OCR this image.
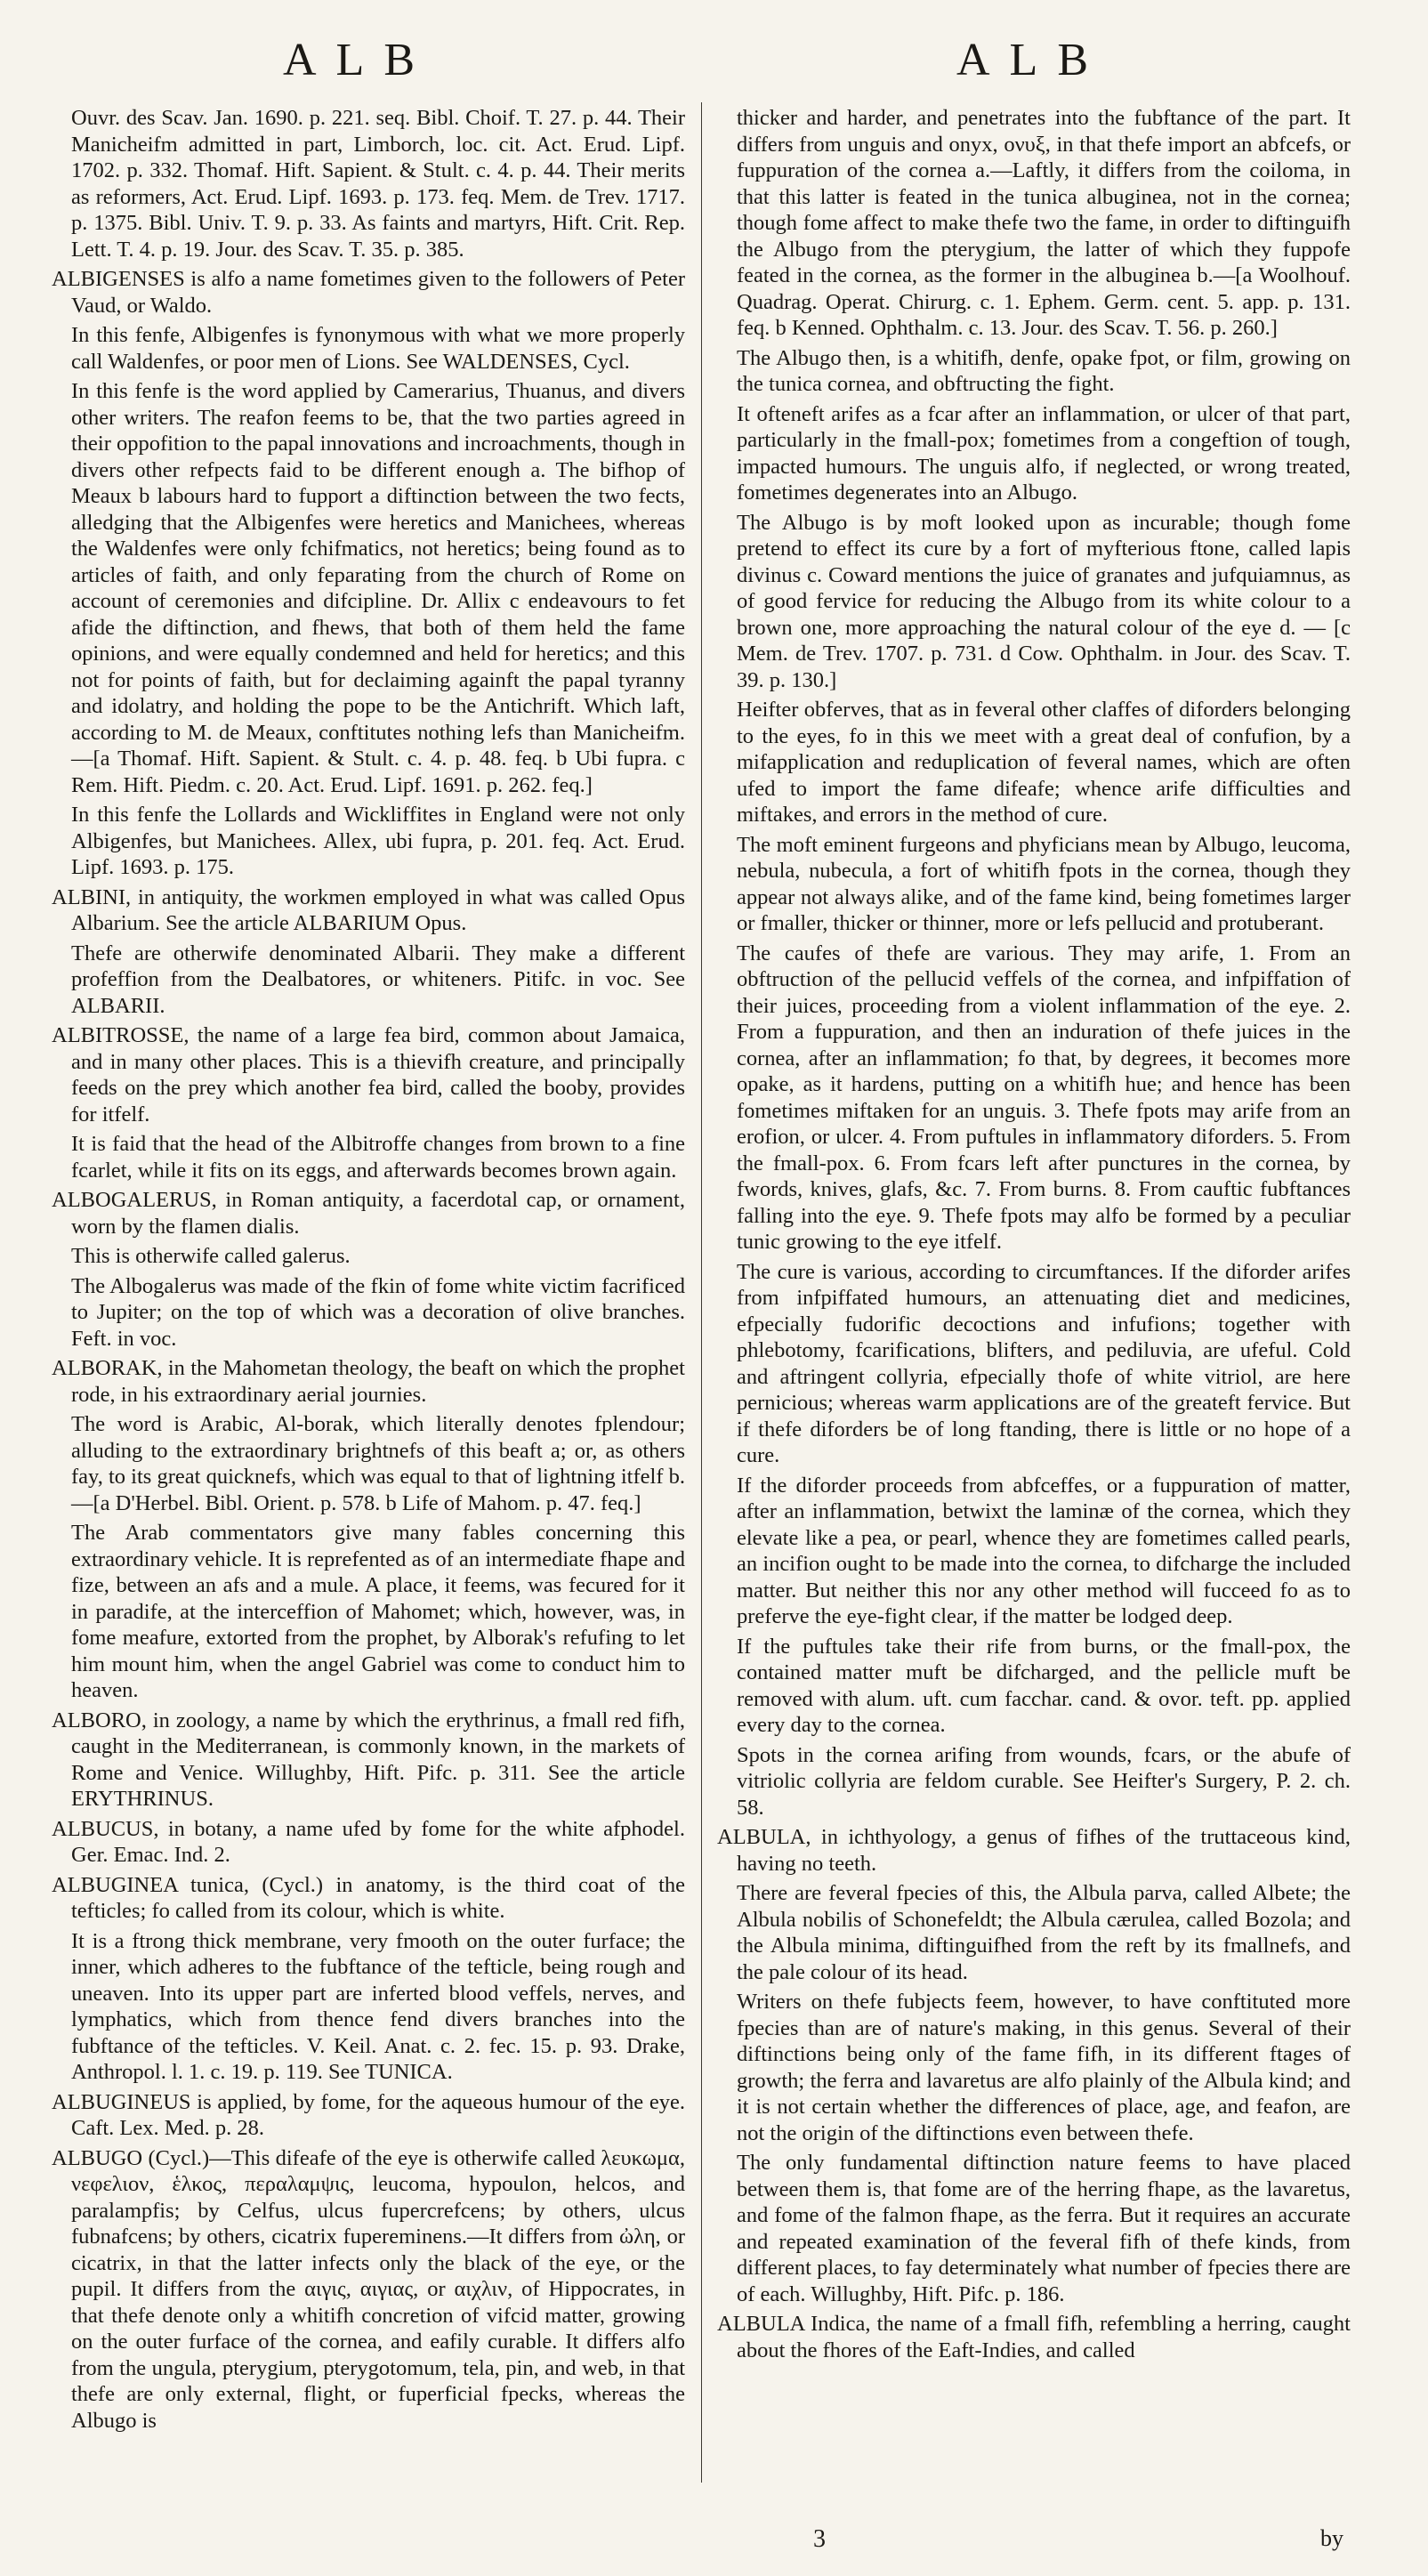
ALB	ALB

Ouvr. des Scav. Jan. 1690. p. 221. seq. Bibl. Choif. T. 27. p. 44. Their Manicheifm admitted in part, Limborch, loc. cit. Act. Erud. Lipf. 1702. p. 332. Thomaf. Hift. Sapient. & Stult. c. 4. p. 44. Their merits as reformers, Act. Erud. Lipf. 1693. p. 173. feq. Mem. de Trev. 1717. p. 1375. Bibl. Univ. T. 9. p. 33. As faints and martyrs, Hift. Crit. Rep. Lett. T. 4. p. 19. Jour. des Scav. T. 35. p. 385.

ALBIGENSES is alfo a name fometimes given to the followers of Peter Vaud, or Waldo.

In this fenfe, Albigenfes is fynonymous with what we more properly call Waldenfes, or poor men of Lions. See WALDENSES, Cycl.

In this fenfe is the word applied by Camerarius, Thuanus, and divers other writers. The reafon feems to be, that the two parties agreed in their oppofition to the papal innovations and incroachments, though in divers other refpects faid to be different enough a. The bifhop of Meaux b labours hard to fupport a diftinction between the two fects, alledging that the Albigenfes were heretics and Manichees, whereas the Waldenfes were only fchifmatics, not heretics; being found as to articles of faith, and only feparating from the church of Rome on account of ceremonies and difcipline. Dr. Allix c endeavours to fet afide the diftinction, and fhews, that both of them held the fame opinions, and were equally condemned and held for heretics; and this not for points of faith, but for declaiming againft the papal tyranny and idolatry, and holding the pope to be the Antichrift. Which laft, according to M. de Meaux, conftitutes nothing lefs than Manicheifm. —[a Thomaf. Hift. Sapient. & Stult. c. 4. p. 48. feq. b Ubi fupra. c Rem. Hift. Piedm. c. 20. Act. Erud. Lipf. 1691. p. 262. feq.]

In this fenfe the Lollards and Wickliffites in England were not only Albigenfes, but Manichees. Allex, ubi fupra, p. 201. feq. Act. Erud. Lipf. 1693. p. 175.

ALBINI, in antiquity, the workmen employed in what was called Opus Albarium. See the article ALBARIUM Opus.

Thefe are otherwife denominated Albarii. They make a different profeffion from the Dealbatores, or whiteners. Pitifc. in voc. See ALBARII.

ALBITROSSE, the name of a large fea bird, common about Jamaica, and in many other places. This is a thievifh creature, and principally feeds on the prey which another fea bird, called the booby, provides for itfelf.

It is faid that the head of the Albitroffe changes from brown to a fine fcarlet, while it fits on its eggs, and afterwards becomes brown again.

ALBOGALERUS, in Roman antiquity, a facerdotal cap, or ornament, worn by the flamen dialis.

This is otherwife called galerus.

The Albogalerus was made of the fkin of fome white victim facrificed to Jupiter; on the top of which was a decoration of olive branches. Feft. in voc.

ALBORAK, in the Mahometan theology, the beaft on which the prophet rode, in his extraordinary aerial journies.

The word is Arabic, Al-borak, which literally denotes fplendour; alluding to the extraordinary brightnefs of this beaft a; or, as others fay, to its great quicknefs, which was equal to that of lightning itfelf b.—[a D'Herbel. Bibl. Orient. p. 578. b Life of Mahom. p. 47. feq.]

The Arab commentators give many fables concerning this extraordinary vehicle. It is reprefented as of an intermediate fhape and fize, between an afs and a mule. A place, it feems, was fecured for it in paradife, at the interceffion of Mahomet; which, however, was, in fome meafure, extorted from the prophet, by Alborak's refufing to let him mount him, when the angel Gabriel was come to conduct him to heaven.

ALBORO, in zoology, a name by which the erythrinus, a fmall red fifh, caught in the Mediterranean, is commonly known, in the markets of Rome and Venice. Willughby, Hift. Pifc. p. 311. See the article ERYTHRINUS.

ALBUCUS, in botany, a name ufed by fome for the white afphodel. Ger. Emac. Ind. 2.

ALBUGINEA tunica, (Cycl.) in anatomy, is the third coat of the tefticles; fo called from its colour, which is white.

It is a ftrong thick membrane, very fmooth on the outer furface; the inner, which adheres to the fubftance of the tefticle, being rough and uneaven. Into its upper part are inferted blood veffels, nerves, and lymphatics, which from thence fend divers branches into the fubftance of the tefticles. V. Keil. Anat. c. 2. fec. 15. p. 93. Drake, Anthropol. l. 1. c. 19. p. 119. See TUNICA.

ALBUGINEUS is applied, by fome, for the aqueous humour of the eye. Caft. Lex. Med. p. 28.

ALBUGO (Cycl.)—This difeafe of the eye is otherwife called λευκωμα, νεφελιον, ἑλκος, περαλαμψις, leucoma, hypoulon, helcos, and paralampfis; by Celfus, ulcus fupercrefcens; by others, ulcus fubnafcens; by others, cicatrix fupereminens.—It differs from ὠλη, or cicatrix, in that the latter infects only the black of the eye, or the pupil. It differs from the αιγις, αιγιας, or αιχλιν, of Hippocrates, in that thefe denote only a whitifh concretion of vifcid matter, growing on the outer furface of the cornea, and eafily curable. It differs alfo from the ungula, pterygium, pterygotomum, tela, pin, and web, in that thefe are only external, flight, or fuperficial fpecks, whereas the Albugo is

thicker and harder, and penetrates into the fubftance of the part. It differs from unguis and onyx, ονυξ, in that thefe import an abfcefs, or fuppuration of the cornea a.—Laftly, it differs from the coiloma, in that this latter is feated in the tunica albuginea, not in the cornea; though fome affect to make thefe two the fame, in order to diftinguifh the Albugo from the pterygium, the latter of which they fuppofe feated in the cornea, as the former in the albuginea b.—[a Woolhouf. Quadrag. Operat. Chirurg. c. 1. Ephem. Germ. cent. 5. app. p. 131. feq. b Kenned. Ophthalm. c. 13. Jour. des Scav. T. 56. p. 260.]

The Albugo then, is a whitifh, denfe, opake fpot, or film, growing on the tunica cornea, and obftructing the fight.

It ofteneft arifes as a fcar after an inflammation, or ulcer of that part, particularly in the fmall-pox; fometimes from a congeftion of tough, impacted humours. The unguis alfo, if neglected, or wrong treated, fometimes degenerates into an Albugo.

The Albugo is by moft looked upon as incurable; though fome pretend to effect its cure by a fort of myfterious ftone, called lapis divinus c. Coward mentions the juice of granates and jufquiamnus, as of good fervice for reducing the Albugo from its white colour to a brown one, more approaching the natural colour of the eye d. — [c Mem. de Trev. 1707. p. 731. d Cow. Ophthalm. in Jour. des Scav. T. 39. p. 130.]

Heifter obferves, that as in feveral other claffes of diforders belonging to the eyes, fo in this we meet with a great deal of confufion, by a mifapplication and reduplication of feveral names, which are often ufed to import the fame difeafe; whence arife difficulties and miftakes, and errors in the method of cure.

The moft eminent furgeons and phyficians mean by Albugo, leucoma, nebula, nubecula, a fort of whitifh fpots in the cornea, though they appear not always alike, and of the fame kind, being fometimes larger or fmaller, thicker or thinner, more or lefs pellucid and protuberant.

The caufes of thefe are various. They may arife, 1. From an obftruction of the pellucid veffels of the cornea, and infpiffation of their juices, proceeding from a violent inflammation of the eye. 2. From a fuppuration, and then an induration of thefe juices in the cornea, after an inflammation; fo that, by degrees, it becomes more opake, as it hardens, putting on a whitifh hue; and hence has been fometimes miftaken for an unguis. 3. Thefe fpots may arife from an erofion, or ulcer. 4. From puftules in inflammatory diforders. 5. From the fmall-pox. 6. From fcars left after punctures in the cornea, by fwords, knives, glafs, &c. 7. From burns. 8. From cauftic fubftances falling into the eye. 9. Thefe fpots may alfo be formed by a peculiar tunic growing to the eye itfelf.

The cure is various, according to circumftances. If the diforder arifes from infpiffated humours, an attenuating diet and medicines, efpecially fudorific decoctions and infufions; together with phlebotomy, fcarifications, blifters, and pediluvia, are ufeful. Cold and aftringent collyria, efpecially thofe of white vitriol, are here pernicious; whereas warm applications are of the greateft fervice. But if thefe diforders be of long ftanding, there is little or no hope of a cure.

If the diforder proceeds from abfceffes, or a fuppuration of matter, after an inflammation, betwixt the laminæ of the cornea, which they elevate like a pea, or pearl, whence they are fometimes called pearls, an incifion ought to be made into the cornea, to difcharge the included matter. But neither this nor any other method will fucceed fo as to preferve the eye-fight clear, if the matter be lodged deep.

If the puftules take their rife from burns, or the fmall-pox, the contained matter muft be difcharged, and the pellicle muft be removed with alum. uft. cum facchar. cand. & ovor. teft. pp. applied every day to the cornea.

Spots in the cornea arifing from wounds, fcars, or the abufe of vitriolic collyria are feldom curable. See Heifter's Surgery, P. 2. ch. 58.

ALBULA, in ichthyology, a genus of fifhes of the truttaceous kind, having no teeth.

There are feveral fpecies of this, the Albula parva, called Albete; the Albula nobilis of Schonefeldt; the Albula cærulea, called Bozola; and the Albula minima, diftinguifhed from the reft by its fmallnefs, and the pale colour of its head.

Writers on thefe fubjects feem, however, to have conftituted more fpecies than are of nature's making, in this genus. Several of their diftinctions being only of the fame fifh, in its different ftages of growth; the ferra and lavaretus are alfo plainly of the Albula kind; and it is not certain whether the differences of place, age, and feafon, are not the origin of the diftinctions even between thefe.

The only fundamental diftinction nature feems to have placed between them is, that fome are of the herring fhape, as the lavaretus, and fome of the falmon fhape, as the ferra. But it requires an accurate and repeated examination of the feveral fifh of thefe kinds, from different places, to fay determinately what number of fpecies there are of each. Willughby, Hift. Pifc. p. 186.

ALBULA Indica, the name of a fmall fifh, refembling a herring, caught about the fhores of the Eaft-Indies, and called

3	by
